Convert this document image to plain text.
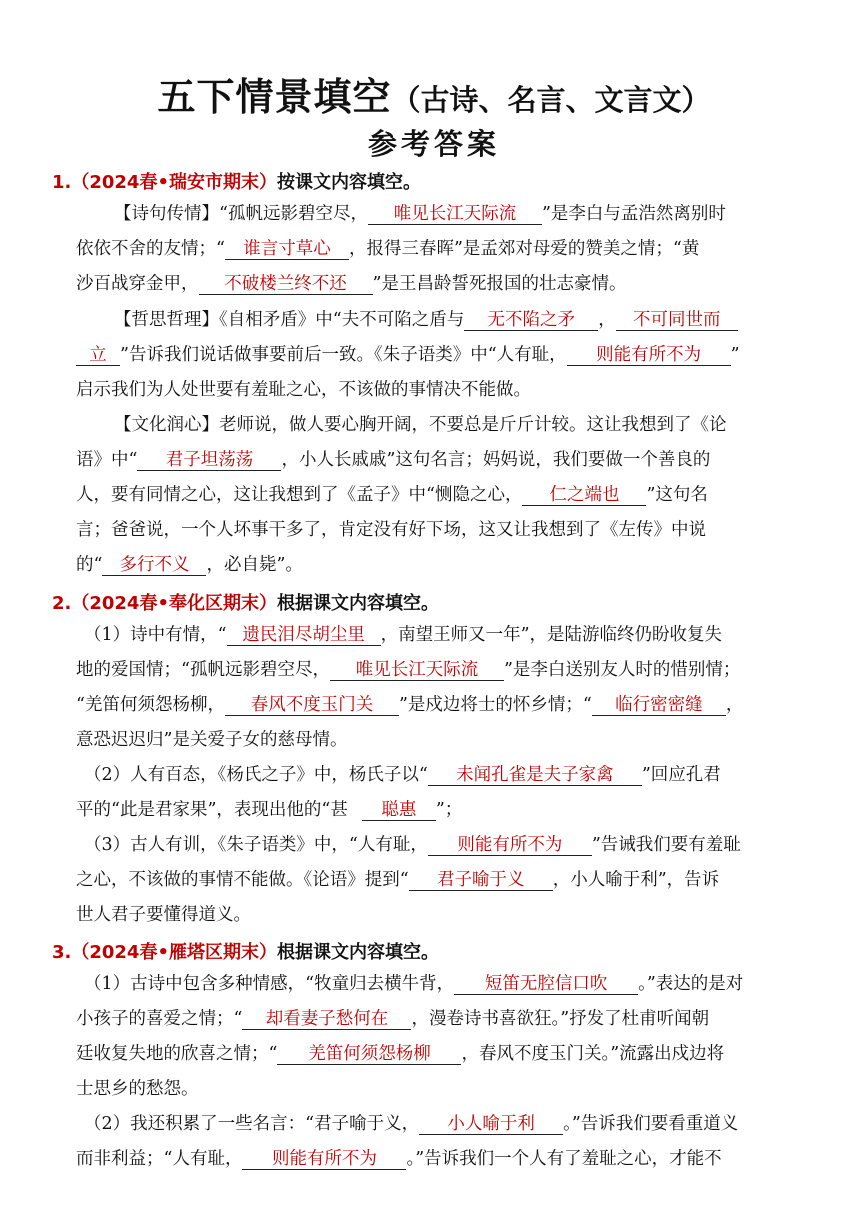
五下情景填空（古诗、名言、文言文）
参考答案
1.（2024春•瑞安市期末）按课文内容填空。
【诗句传情】“孤帆远影碧空尽， 唯见长江天际流 ”是李白与孟浩然离别时
依依不舍的友情；“ 谁言寸草心 ，报得三春晖”是孟郊对母爱的赞美之情；“黄
沙百战穿金甲， 不破楼兰终不还 ”是王昌龄誓死报国的壮志豪情。
【哲思哲理】《自相矛盾》中“夫不可陷之盾与 无不陷之矛 ， 不可同世而
立 ”告诉我们说话做事要前后一致。《朱子语类》中“人有耻， 则能有所不为 ”
启示我们为人处世要有羞耻之心，不该做的事情决不能做。
【文化润心】老师说，做人要心胸开阔，不要总是斤斤计较。这让我想到了《论
语》中“ 君子坦荡荡 ，小人长戚戚”这句名言；妈妈说，我们要做一个善良的
人，要有同情之心，这让我想到了《孟子》中“恻隐之心， 仁之端也 ”这句名
言；爸爸说，一个人坏事干多了，肯定没有好下场，这又让我想到了《左传》中说
的“ 多行不义 ，必自毙”。
2.（2024春•奉化区期末）根据课文内容填空。
（1）诗中有情，“ 遗民泪尽胡尘里 ，南望王师又一年”，是陆游临终仍盼收复失
地的爱国情；“孤帆远影碧空尽， 唯见长江天际流 ”是李白送别友人时的惜别情；
“羌笛何须怨杨柳， 春风不度玉门关 ”是戍边将士的怀乡情；“ 临行密密缝 ，
意恐迟迟归”是关爱子女的慈母情。
（2）人有百态，《杨氏之子》中，杨氏子以“ 未闻孔雀是夫子家禽 ”回应孔君
平的“此是君家果”，表现出他的“甚 聪惠 ”；
（3）古人有训，《朱子语类》中，“人有耻， 则能有所不为 ”告诫我们要有羞耻
之心，不该做的事情不能做。《论语》提到“ 君子喻于义 ，小人喻于利”，告诉
世人君子要懂得道义。
3.（2024春•雁塔区期末）根据课文内容填空。
（1）古诗中包含多种情感，“牧童归去横牛背， 短笛无腔信口吹 。”表达的是对
小孩子的喜爱之情；“ 却看妻子愁何在 ，漫卷诗书喜欲狂。”抒发了杜甫听闻朝
廷收复失地的欣喜之情；“ 羌笛何须怨杨柳 ，春风不度玉门关。”流露出戍边将
士思乡的愁怨。
（2）我还积累了一些名言：“君子喻于义， 小人喻于利 。”告诉我们要看重道义
而非利益；“人有耻， 则能有所不为 。”告诉我们一个人有了羞耻之心，才能不
